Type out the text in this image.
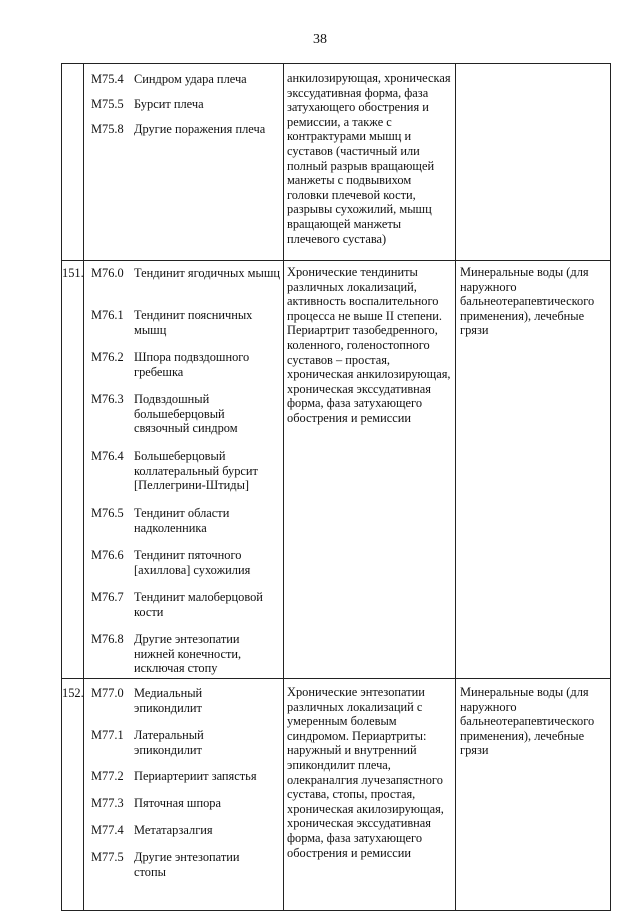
38
M75.4 Синдром удара плеча
M75.5 Бурсит плеча
M75.8 Другие поражения плеча
анкилозирующая, хроническая экссудативная форма, фаза затухающего обострения и ремиссии, а также с контрактурами мышц и суставов (частичный или полный разрыв вращающей манжеты с подвывихом головки плечевой кости, разрывы сухожилий, мышц вращающей манжеты плечевого сустава)
151. M76.0 Тендинит ягодичных мышц
M76.1 Тендинит поясничных мышц
M76.2 Шпора подвздошного гребешка
M76.3 Подвздошный большеберцовый связочный синдром
M76.4 Большеберцовый коллатеральный бурсит [Пеллегрини-Штиды]
M76.5 Тендинит области надколенника
M76.6 Тендинит пяточного [ахиллова] сухожилия
M76.7 Тендинит малоберцовой кости
M76.8 Другие энтезопатии нижней конечности, исключая стопу
Хронические тендиниты различных локализаций, активность воспалительного процесса не выше II степени. Периартрит тазобедренного, коленного, голеностопного суставов – простая, хроническая анкилозирующая, хроническая экссудативная форма, фаза затухающего обострения и ремиссии
Минеральные воды (для наружного бальнеотерапевтического применения), лечебные грязи
152. M77.0 Медиальный эпикондилит
M77.1 Латеральный эпикондилит
M77.2 Периартериит запястья
M77.3 Пяточная шпора
M77.4 Метатарзалгия
M77.5 Другие энтезопатии стопы
Хронические энтезопатии различных локализаций с умеренным болевым синдромом. Периартриты: наружный и внутренний эпикондилит плеча, олекраналгия лучезапястного сустава, стопы, простая, хроническая акилозирующая, хроническая экссудативная форма, фаза затухающего обострения и ремиссии
Минеральные воды (для наружного бальнеотерапевтического применения), лечебные грязи
